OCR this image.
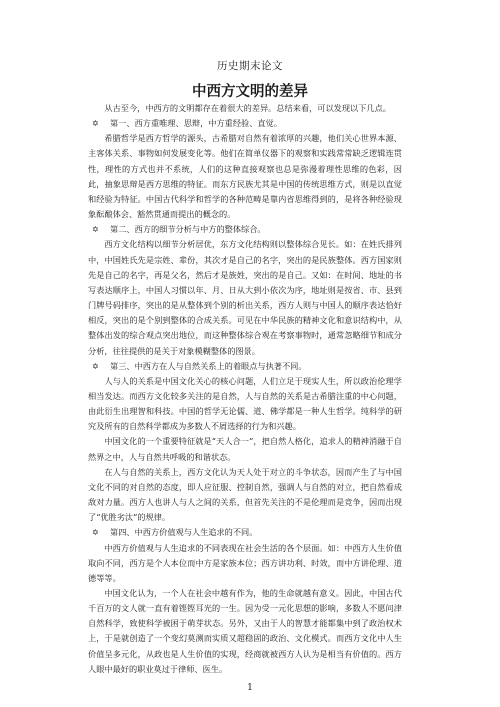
历史期末论文
中西方文明的差异

从古至今，中西方的文明都存在着很大的差异。总结来看，可以发现以下几点。

✡ 第一、西方重唯理、思辩，中方重经验、直觉。

希腊哲学是西方哲学的源头，古希腊对自然有着浓厚的兴趣，他们关心世界本源、主客体关系、事物如何发展变化等。他们在简单仪器下的观察和实践常常缺乏逻辑连贯性，理性的方式也并不系统，人们的这种直接观察也总是弥漫着理性思维的色彩，因此，抽象思辩是西方思维的特征。而东方民族尤其是中国的传统思维方式，则是以直觉和经验为特征。中国古代科学和哲学的各种范畴是靠内省思维得到的，是将各种经验现象酝酿体会、豁然贯通而提出的概念的。

✡ 第二、西方的细节分析与中方的整体综合。

西方文化结构以细节分析居优，东方文化结构则以整体综合见长。如：在姓氏排列中，中国姓氏先是宗姓、辈份，其次才是自己的名字，突出的是民族整体。西方国家则先是自己的名字，再是父名，然后才是族姓，突出的是自己。又如：在时间、地址的书写表达顺序上，中国人习惯以年、月、日从大到小依次为序，地址则是按省、市、县到门牌号码排序，突出的是从整体到个别的析出关系，西方人则与中国人的顺序表达恰好相反，突出的是个别到整体的合成关系。可见在中华民族的精神文化和意识结构中，从整体出发的综合观点突出地位，而这种整体综合观在考察事物时，通常忽略细节和成分分析，往往提供的是关于对象模糊整体的图景。

✡ 第三、中西方在人与自然关系上的着眼点与执著不同。

人与人的关系是中国文化关心的核心问题，人们立足于现实人生，所以政治伦理学相当发达。而西方文化较多关注的是自然，人与自然的关系是古希腊注重的中心问题，由此衍生出理智和科技。中国的哲学无论儒、道、佛学都是一种人生哲学。纯科学的研究及所有的自然科学都成为多数人不屑选择的行为和兴趣。

中国文化的一个重要特征就是“天人合一”，把自然人格化，追求人的精神消融于自然界之中，人与自然共呼吸的和谐状态。

在人与自然的关系上，西方文化认为天人处于对立的斗争状态，因而产生了与中国文化不同的对自然的态度，即人应征服、控制自然，强调人与自然的对立，把自然看成敌对力量。西方人也讲人与人之间的关系，但首先关注的不是伦理而是竞争，因而出现了“优胜劣汰”的规律。

✡ 第四、中西方价值观与人生追求的不同。

中西方价值观与人生追求的不同表现在社会生活的各个层面。如：中西方人生价值取向不同，西方是个人本位而中方是家族本位；西方讲功利、时效，而中方讲伦理、道德等等。

中国文化认为，一个人在社会中越有作为，他的生命就越有意义。因此，中国古代千百万的文人就一直有着铿铿耳光的一生。因为受一元化思想的影响，多数人不愿问津自然科学，致使科学被困于萌芽状态。另外，又由于人的智慧才能都集中到了政治权术上，于是就创造了一个变幻莫测而实质又超稳固的政治、文化模式。而西方文化中人生价值呈多元化，从政也是人生价值的实现，经商就被西方人认为是相当有价值的。西方人眼中最好的职业莫过于律师、医生。

1
